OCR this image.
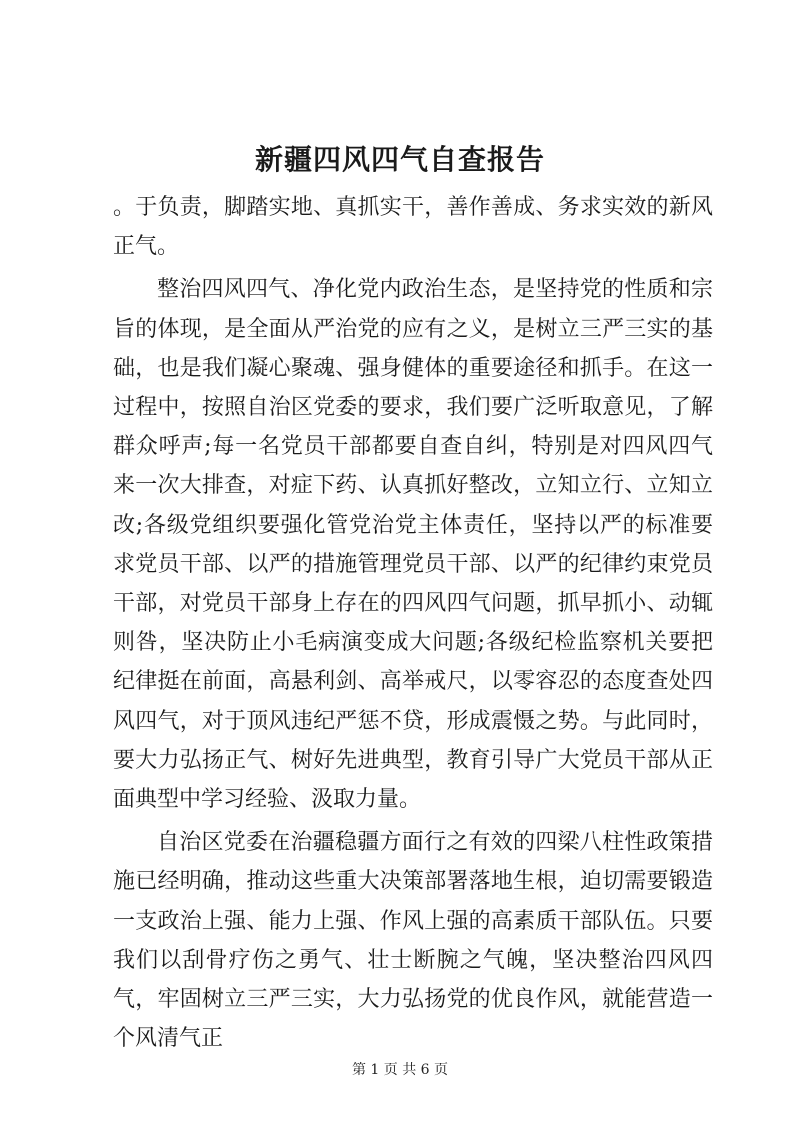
新疆四风四气自查报告

。于负责，脚踏实地、真抓实干，善作善成、务求实效的新风正气。

整治四风四气、净化党内政治生态，是坚持党的性质和宗旨的体现，是全面从严治党的应有之义，是树立三严三实的基础，也是我们凝心聚魂、强身健体的重要途径和抓手。在这一过程中，按照自治区党委的要求，我们要广泛听取意见，了解群众呼声;每一名党员干部都要自查自纠，特别是对四风四气来一次大排查，对症下药、认真抓好整改，立知立行、立知立改;各级党组织要强化管党治党主体责任，坚持以严的标准要求党员干部、以严的措施管理党员干部、以严的纪律约束党员干部，对党员干部身上存在的四风四气问题，抓早抓小、动辄则咎，坚决防止小毛病演变成大问题;各级纪检监察机关要把纪律挺在前面，高悬利剑、高举戒尺，以零容忍的态度查处四风四气，对于顶风违纪严惩不贷，形成震慑之势。与此同时，要大力弘扬正气、树好先进典型，教育引导广大党员干部从正面典型中学习经验、汲取力量。

自治区党委在治疆稳疆方面行之有效的四梁八柱性政策措施已经明确，推动这些重大决策部署落地生根，迫切需要锻造一支政治上强、能力上强、作风上强的高素质干部队伍。只要我们以刮骨疗伤之勇气、壮士断腕之气魄，坚决整治四风四气，牢固树立三严三实，大力弘扬党的优良作风，就能营造一个风清气正

第 1 页 共 6 页
